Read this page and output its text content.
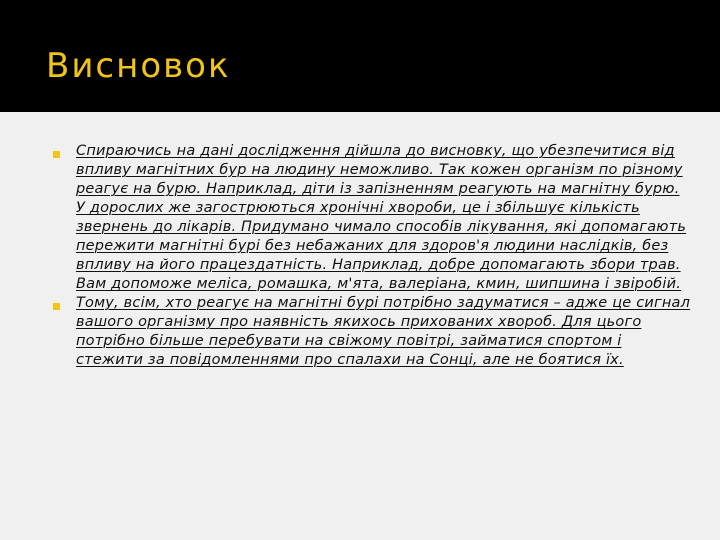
Висновок
Спираючись на дані дослідження дійшла до висновку, що убезпечитися від впливу магнітних бур на людину неможливо. Так кожен організм по різному реагує на бурю. Наприклад, діти із запізненням реагують на магнітну бурю. У дорослих же загострюються хронічні хвороби, це і збільшує кількість звернень до лікарів. Придумано чимало способів лікування, які допомагають пережити магнітні бурі без небажаних для здоров'я людини наслідків, без впливу на його працездатність. Наприклад, добре допомагають збори трав. Вам допоможе меліса, ромашка, м'ята, валеріана, кмин, шипшина і звіробій.
Тому, всім, хто реагує на магнітні бурі потрібно задуматися – адже це сигнал вашого організму про наявність якихось прихованих хвороб. Для цього потрібно більше перебувати на свіжому повітрі, займатися спортом і стежити за повідомленнями про спалахи на Сонці, але не боятися їх.
